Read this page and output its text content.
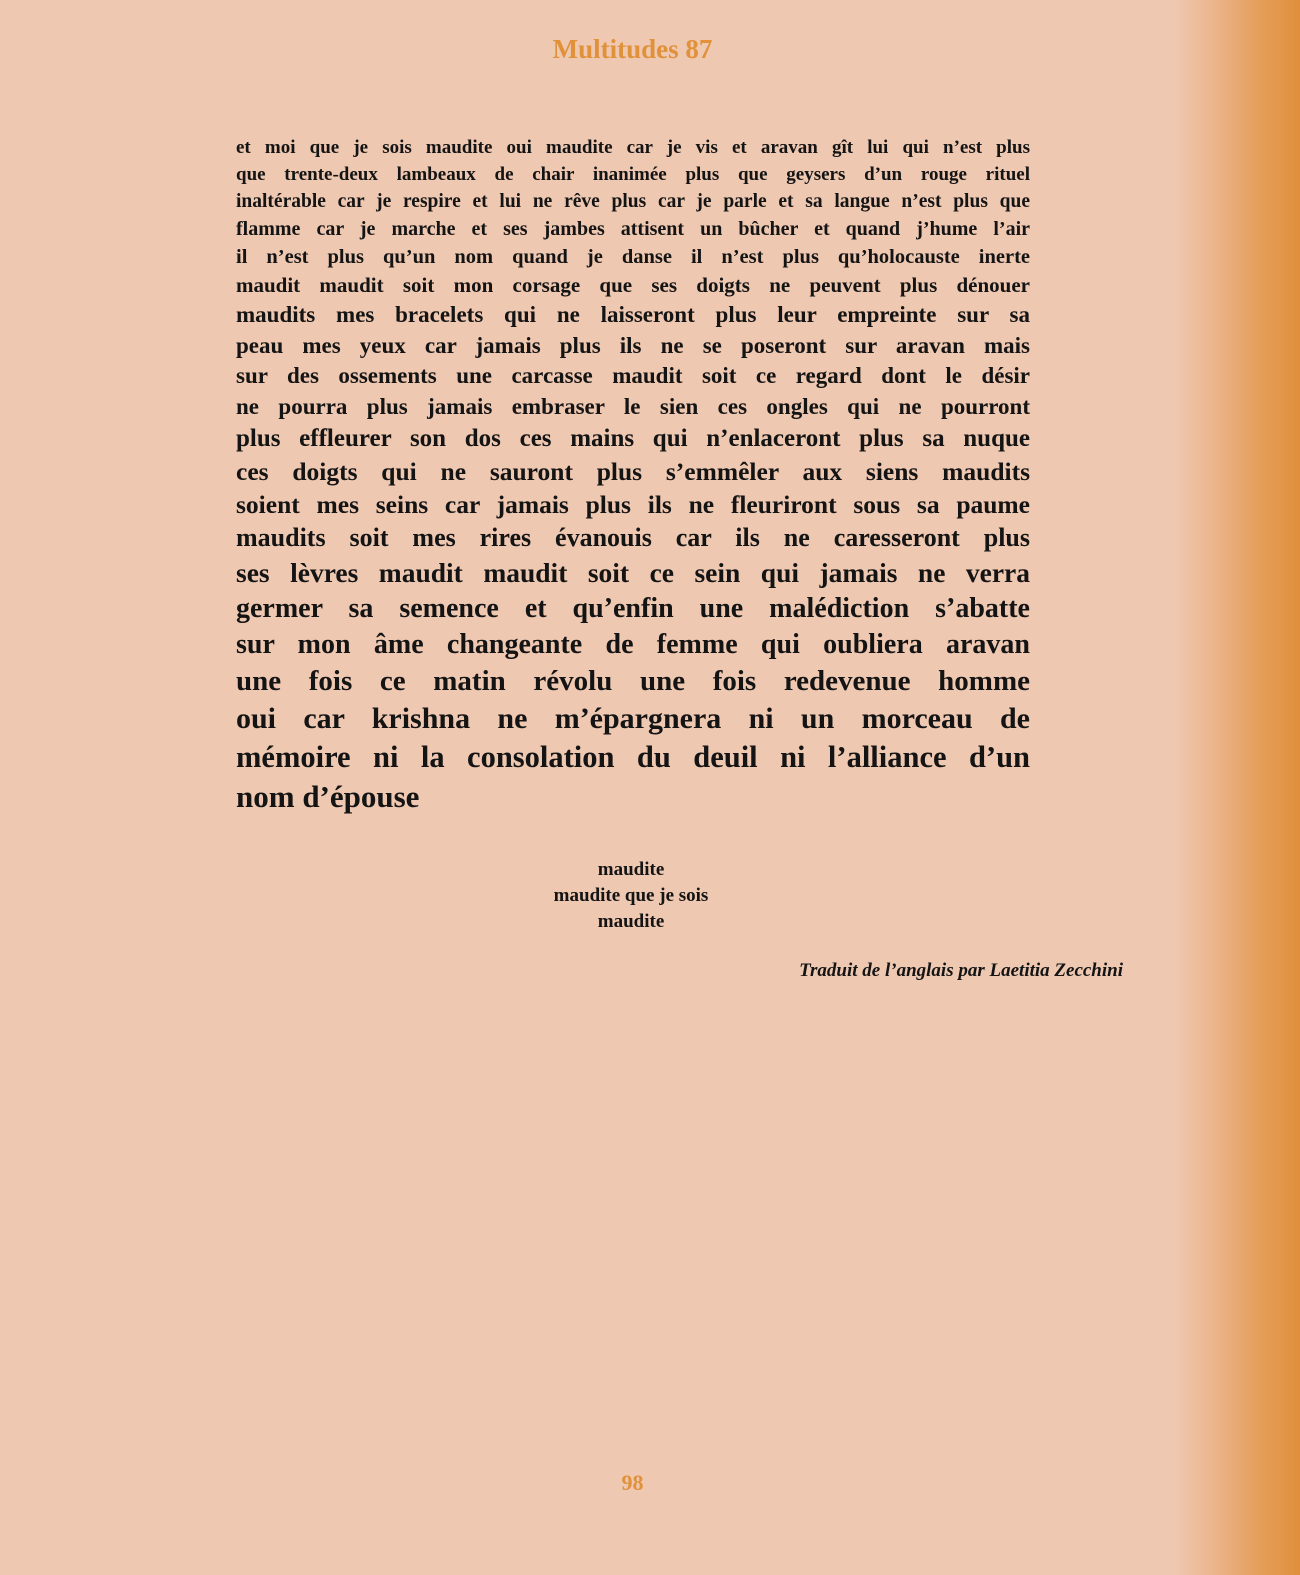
Multitudes 87
et moi que je sois maudite oui maudite car je vis et aravan gît lui qui n’est plus
que trente-deux lambeaux de chair inanimée plus que geysers d’un rouge rituel
inaltérable car je respire et lui ne rêve plus car je parle et sa langue n’est plus que
flamme car je marche et ses jambes attisent un bûcher et quand j’hume l’air
il n’est plus qu’un nom quand je danse il n’est plus qu’holocauste inerte
maudit maudit soit mon corsage que ses doigts ne peuvent plus dénouer
maudits mes bracelets qui ne laisseront plus leur empreinte sur sa
peau mes yeux car jamais plus ils ne se poseront sur aravan mais
sur des ossements une carcasse maudit soit ce regard dont le désir
ne pourra plus jamais embraser le sien ces ongles qui ne pourront
plus effleurer son dos ces mains qui n’enlaceront plus sa nuque
ces doigts qui ne sauront plus s’emmêler aux siens maudits
soient mes seins car jamais plus ils ne fleuriront sous sa paume
maudits soit mes rires évanouis car ils ne caresseront plus
ses lèvres maudit maudit soit ce sein qui jamais ne verra
germer sa semence et qu’enfin une malédiction s’abatte
sur mon âme changeante de femme qui oubliera aravan
une fois ce matin révolu une fois redevenue homme
oui car krishna ne m’épargnera ni un morceau de
mémoire ni la consolation du deuil ni l’alliance d’un
nom d’épouse
maudite
maudite que je sois
maudite
Traduit de l’anglais par Laetitia Zecchini
98
